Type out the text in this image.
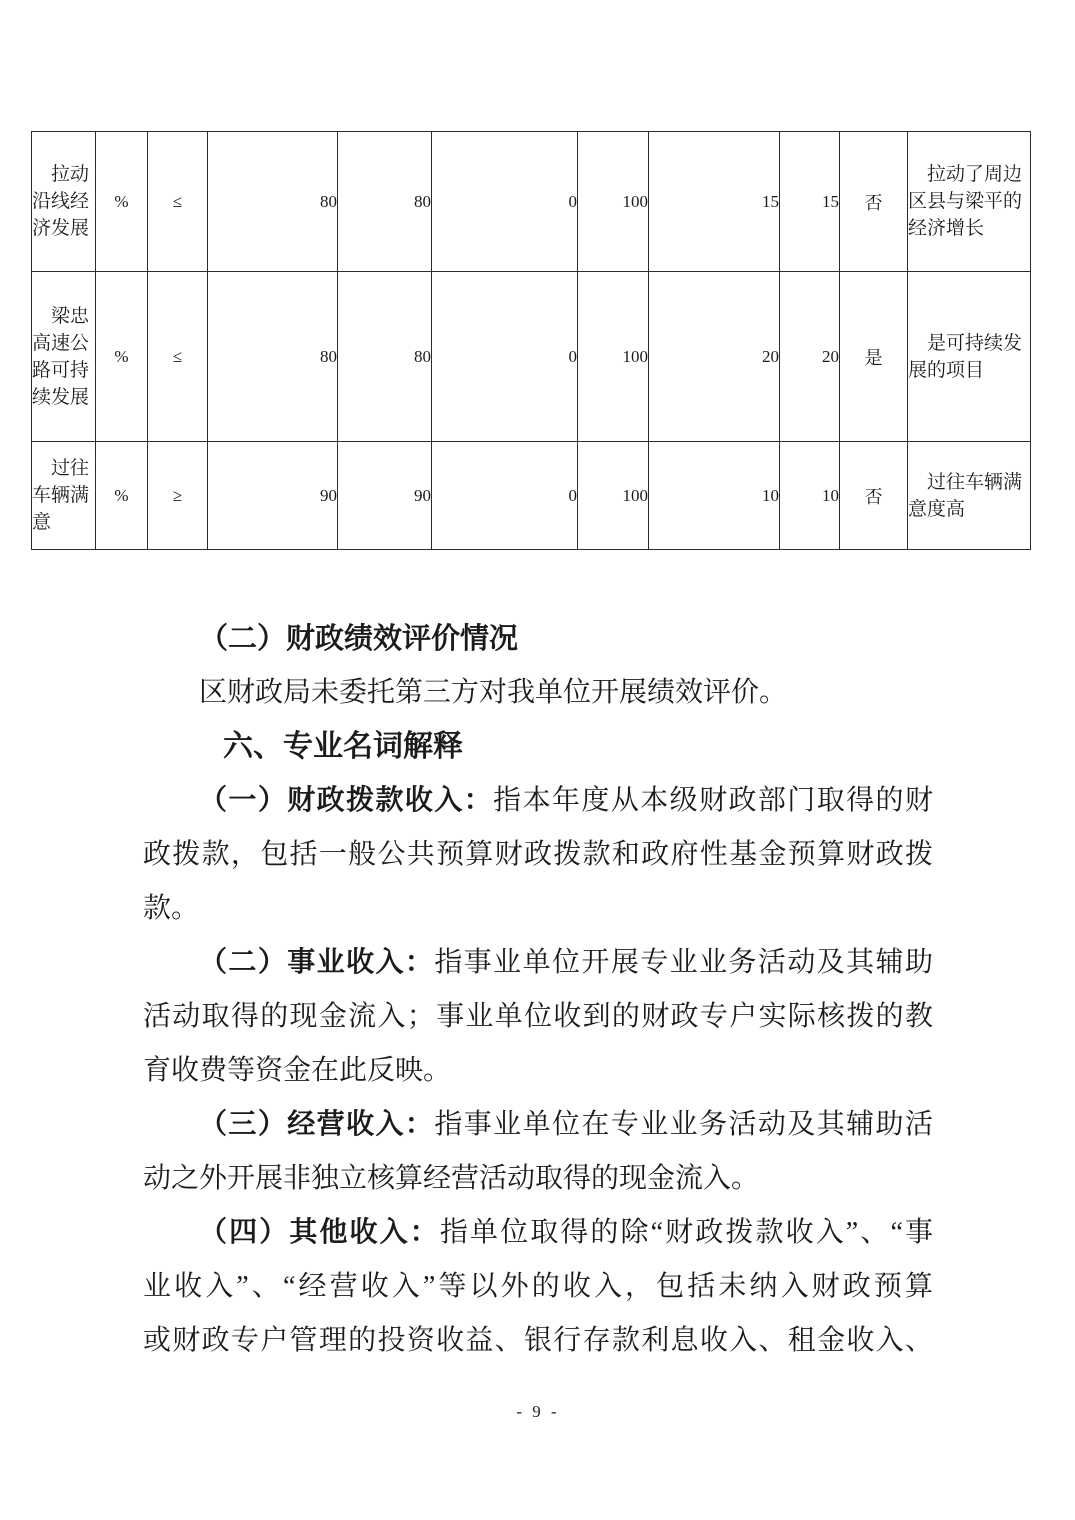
拉动沿线经济发展	%	≤	80	80	0	100	15	15	否	拉动了周边区县与梁平的经济增长
梁忠高速公路可持续发展	%	≤	80	80	0	100	20	20	是	是可持续发展的项目
过往车辆满意	%	≥	90	90	0	100	10	10	否	过往车辆满意度高
（二）财政绩效评价情况
区财政局未委托第三方对我单位开展绩效评价。
六、专业名词解释
（一）财政拨款收入：指本年度从本级财政部门取得的财
政拨款，包括一般公共预算财政拨款和政府性基金预算财政拨
款。
（二）事业收入：指事业单位开展专业业务活动及其辅助
活动取得的现金流入；事业单位收到的财政专户实际核拨的教
育收费等资金在此反映。
（三）经营收入：指事业单位在专业业务活动及其辅助活
动之外开展非独立核算经营活动取得的现金流入。
（四）其他收入：指单位取得的除“财政拨款收入”、“事
业收入”、“经营收入”等以外的收入，包括未纳入财政预算
或财政专户管理的投资收益、银行存款利息收入、租金收入、
- 9 -
